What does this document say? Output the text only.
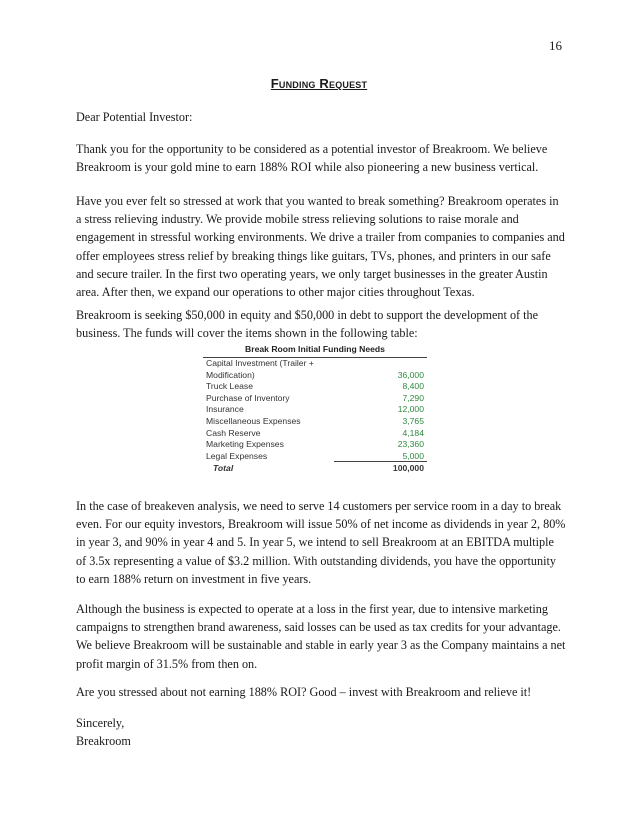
16
Funding Request
Dear Potential Investor:
Thank you for the opportunity to be considered as a potential investor of Breakroom. We believe Breakroom is your gold mine to earn 188% ROI while also pioneering a new business vertical.
Have you ever felt so stressed at work that you wanted to break something? Breakroom operates in a stress relieving industry. We provide mobile stress relieving solutions to raise morale and engagement in stressful working environments. We drive a trailer from companies to companies and offer employees stress relief by breaking things like guitars, TVs, phones, and printers in our safe and secure trailer. In the first two operating years, we only target businesses in the greater Austin area. After then, we expand our operations to other major cities throughout Texas.
Breakroom is seeking $50,000 in equity and $50,000 in debt to support the development of the business. The funds will cover the items shown in the following table:
Break Room Initial Funding Needs
Capital Investment (Trailer +
Modification)	36,000
Truck Lease	8,400
Purchase of Inventory	7,290
Insurance	12,000
Miscellaneous Expenses	3,765
Cash Reserve	4,184
Marketing Expenses	23,360
Legal Expenses	5,000
Total	100,000
In the case of breakeven analysis, we need to serve 14 customers per service room in a day to break even. For our equity investors, Breakroom will issue 50% of net income as dividends in year 2, 80% in year 3, and 90% in year 4 and 5. In year 5, we intend to sell Breakroom at an EBITDA multiple of 3.5x representing a value of $3.2 million. With outstanding dividends, you have the opportunity to earn 188% return on investment in five years.
Although the business is expected to operate at a loss in the first year, due to intensive marketing campaigns to strengthen brand awareness, said losses can be used as tax credits for your advantage. We believe Breakroom will be sustainable and stable in early year 3 as the Company maintains a net profit margin of 31.5% from then on.
Are you stressed about not earning 188% ROI? Good – invest with Breakroom and relieve it!
Sincerely,
Breakroom
